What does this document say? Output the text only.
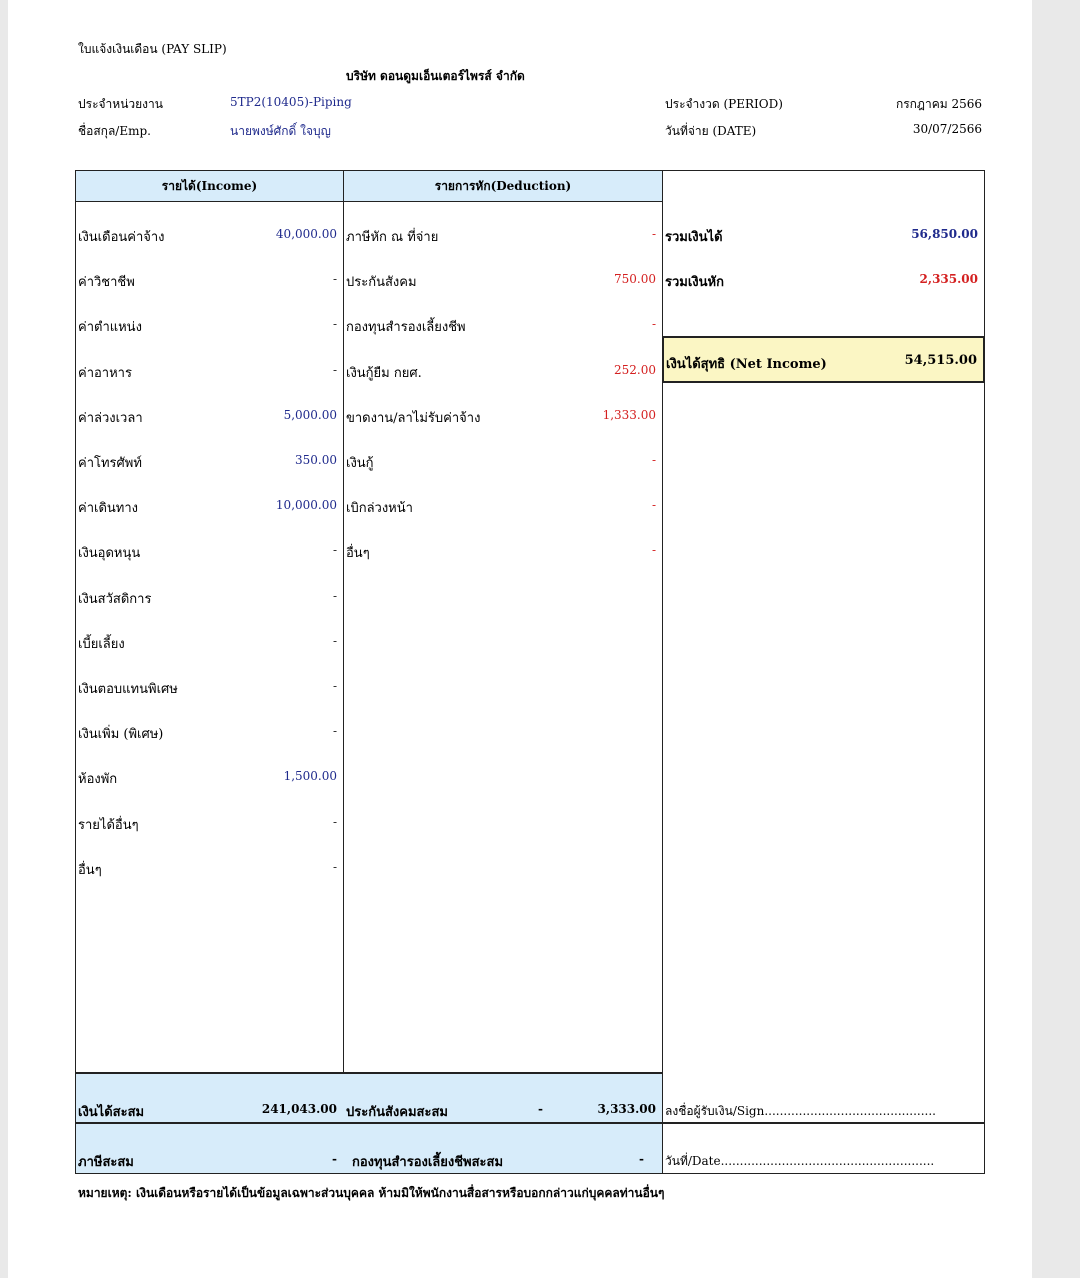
ใบแจ้งเงินเดือน (PAY SLIP)
บริษัท ดอนดูมเอ็นเตอร์ไพรส์ จำกัด
ประจำหน่วยงาน	5TP2(10405)-Piping
ชื่อสกุล/Emp.	นายพงษ์ศักดิ์ ใจบุญ
ประจำงวด (PERIOD)	กรกฎาคม 2566
วันที่จ่าย (DATE)	30/07/2566
รายได้(Income)	รายการหัก(Deduction)
เงินเดือนค่าจ้าง	40,000.00
ค่าวิชาชีพ	-
ค่าตำแหน่ง	-
ค่าอาหาร	-
ค่าล่วงเวลา	5,000.00
ค่าโทรศัพท์	350.00
ค่าเดินทาง	10,000.00
เงินอุดหนุน	-
เงินสวัสดิการ	-
เบี้ยเลี้ยง	-
เงินตอบแทนพิเศษ	-
เงินเพิ่ม (พิเศษ)	-
ห้องพัก	1,500.00
รายได้อื่นๆ	-
อื่นๆ	-
ภาษีหัก ณ ที่จ่าย	-
ประกันสังคม	750.00
กองทุนสำรองเลี้ยงชีพ	-
เงินกู้ยืม กยศ.	252.00
ขาดงาน/ลาไม่รับค่าจ้าง	1,333.00
เงินกู้	-
เบิกล่วงหน้า	-
อื่นๆ	-
รวมเงินได้	56,850.00
รวมเงินหัก	2,335.00
เงินได้สุทธิ (Net Income)	54,515.00
เงินได้สะสม	241,043.00 ประกันสังคมสะสม	-	3,333.00 ลงชื่อผู้รับเงิน/Sign.............................................
ภาษีสะสม	- กองทุนสำรองเลี้ยงชีพสะสม	- วันที่/Date........................................................
หมายเหตุ: เงินเดือนหรือรายได้เป็นข้อมูลเฉพาะส่วนบุคคล ห้ามมิให้พนักงานสื่อสารหรือบอกกล่าวแก่บุคคลท่านอื่นๆ
